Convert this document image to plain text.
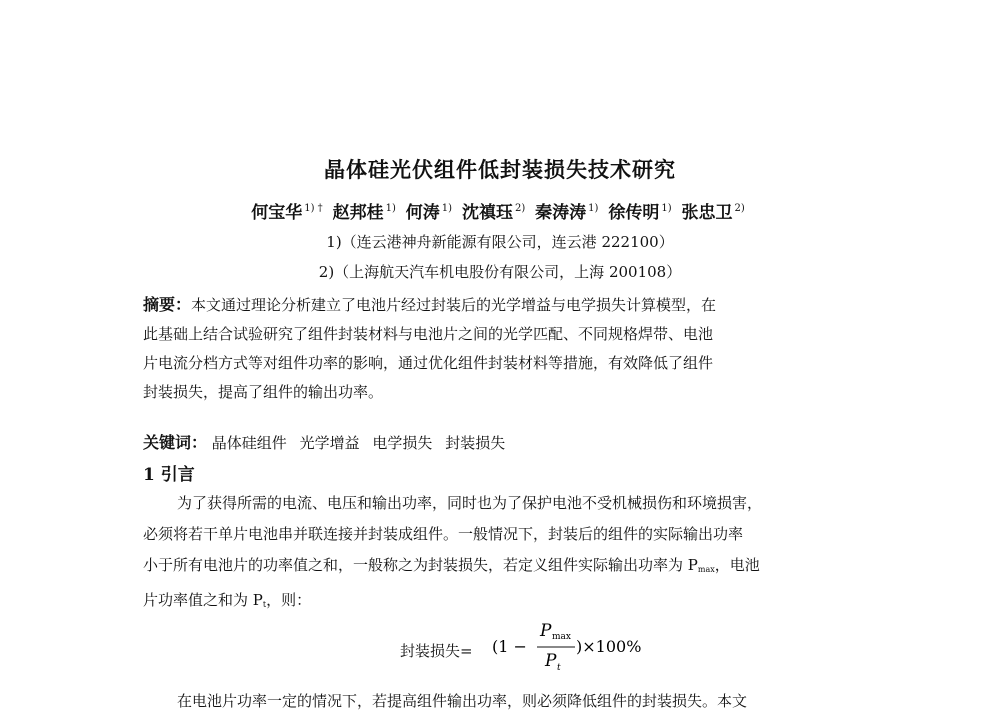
晶体硅光伏组件低封装损失技术研究
何宝华 $^{1) \dagger}$ 赵邦桂 $^{1)}$ 何涛 $^{1)}$ 沈禛珏 $^{2)}$ 秦涛涛 $^{1)}$ 徐传明 $^{1)}$ 张忠卫 $^{2)}$
1)（连云港神舟新能源有限公司，连云港 222100）
2)（上海航天汽车机电股份有限公司，上海 200108）
摘要：本文通过理论分析建立了电池片经过封装后的光学增益与电学损失计算模型，在
此基础上结合试验研究了组件封装材料与电池片之间的光学匹配、不同规格焊带、电池
片电流分档方式等对组件功率的影响，通过优化组件封装材料等措施，有效降低了组件
封装损失，提高了组件的输出功率。
关键词： 晶体硅组件 光学增益 电学损失 封装损失
1 引言
为了获得所需的电流、电压和输出功率，同时也为了保护电池不受机械损伤和环境损害，
必须将若干单片电池串并联连接并封装成组件。一般情况下，封装后的组件的实际输出功率
小于所有电池片的功率值之和，一般称之为封装损失，若定义组件实际输出功率为 $P_{max}$，电池
片功率值之和为 $P_t$，则：
封装损失= (1 −
P max
P t
)×100%
在电池片功率一定的情况下，若提高组件输出功率，则必须降低组件的封装损失。本文
